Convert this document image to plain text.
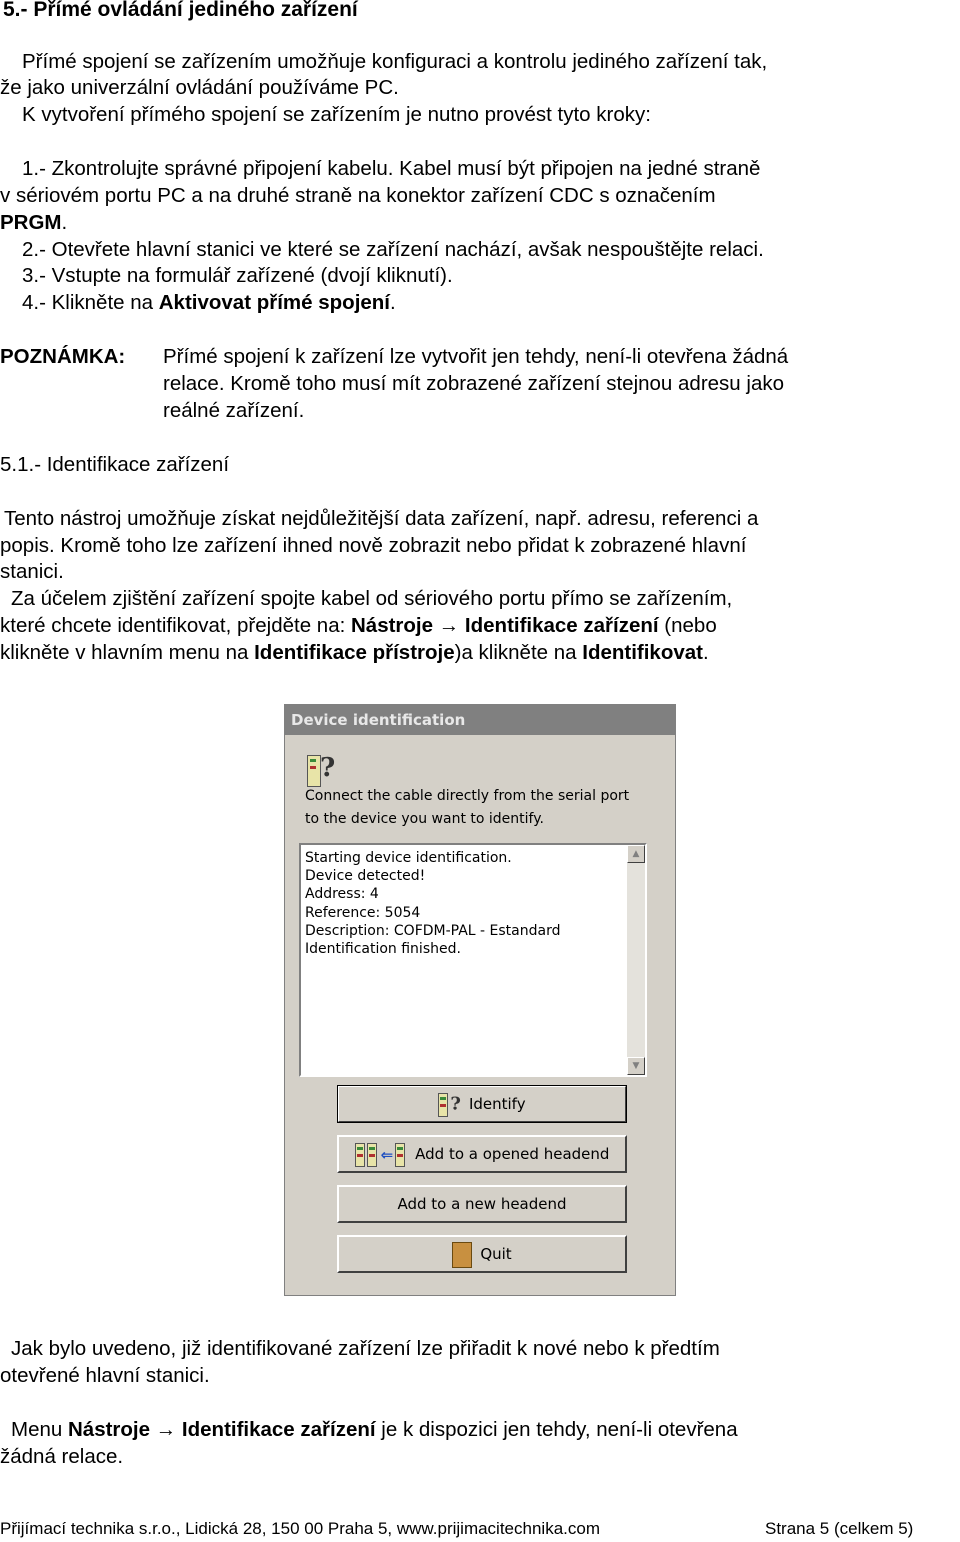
5.- Přímé ovládání jediného zařízení
Přímé spojení se zařízením umožňuje konfiguraci a kontrolu jediného zařízení tak,
že jako univerzální ovládání používáme PC.
K vytvoření přímého spojení se zařízením je nutno provést tyto kroky:
1.- Zkontrolujte správné připojení kabelu. Kabel musí být připojen na jedné straně
v sériovém portu PC a na druhé straně na konektor zařízení CDC s označením
PRGM.
2.- Otevřete hlavní stanici ve které se zařízení nachází, avšak nespouštějte relaci.
3.- Vstupte na formulář zařízené (dvojí kliknutí).
4.- Klikněte na Aktivovat přímé spojení.
POZNÁMKA: Přímé spojení k zařízení lze vytvořit jen tehdy, není-li otevřena žádná
relace. Kromě toho musí mít zobrazené zařízení stejnou adresu jako
reálné zařízení.
5.1.- Identifikace zařízení
Tento nástroj umožňuje získat nejdůležitější data zařízení, např. adresu, referenci a
popis. Kromě toho lze zařízení ihned nově zobrazit nebo přidat k zobrazené hlavní
stanici.
Za účelem zjištění zařízení spojte kabel od sériového portu přímo se zařízením,
které chcete identifikovat, přejděte na: Nástroje → Identifikace zařízení (nebo
klikněte v hlavním menu na Identifikace přístroje)a klikněte na Identifikovat.
Device identification
?
Connect the cable directly from the serial port
to the device you want to identify.
Starting device identification.
Device detected!
Address: 4
Reference: 5054
Description: COFDM-PAL - Estandard
Identification finished.
▲
▼
? Identify
⇐ Add to a opened headend
Add to a new headend
Quit
Jak bylo uvedeno, již identifikované zařízení lze přiřadit k nové nebo k předtím
otevřené hlavní stanici.
Menu Nástroje → Identifikace zařízení je k dispozici jen tehdy, není-li otevřena
žádná relace.
Přijímací technika s.r.o., Lidická 28, 150 00 Praha 5, www.prijimacitechnika.com	Strana 5 (celkem 5)
